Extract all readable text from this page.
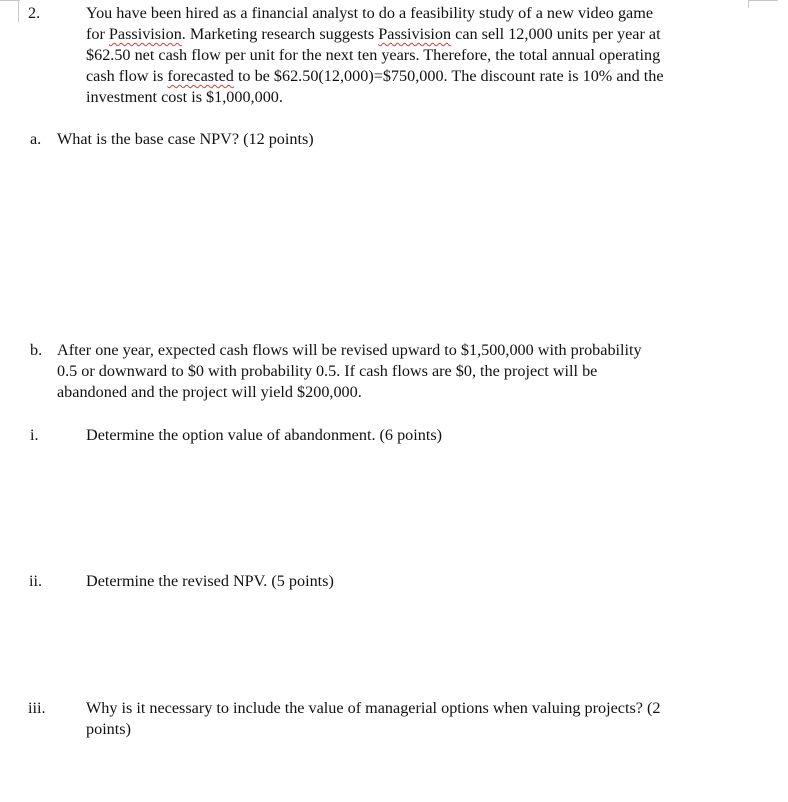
2.	You have been hired as a financial analyst to do a feasibility study of a new video game
for Passivision. Marketing research suggests Passivision can sell 12,000 units per year at
$62.50 net cash flow per unit for the next ten years. Therefore, the total annual operating
cash flow is forecasted to be $62.50(12,000)=$750,000. The discount rate is 10% and the
investment cost is $1,000,000.
a. What is the base case NPV? (12 points)
b. After one year, expected cash flows will be revised upward to $1,500,000 with probability
0.5 or downward to $0 with probability 0.5. If cash flows are $0, the project will be
abandoned and the project will yield $200,000.
i.	Determine the option value of abandonment. (6 points)
ii.	Determine the revised NPV. (5 points)
iii. Why is it necessary to include the value of managerial options when valuing projects? (2
points)
